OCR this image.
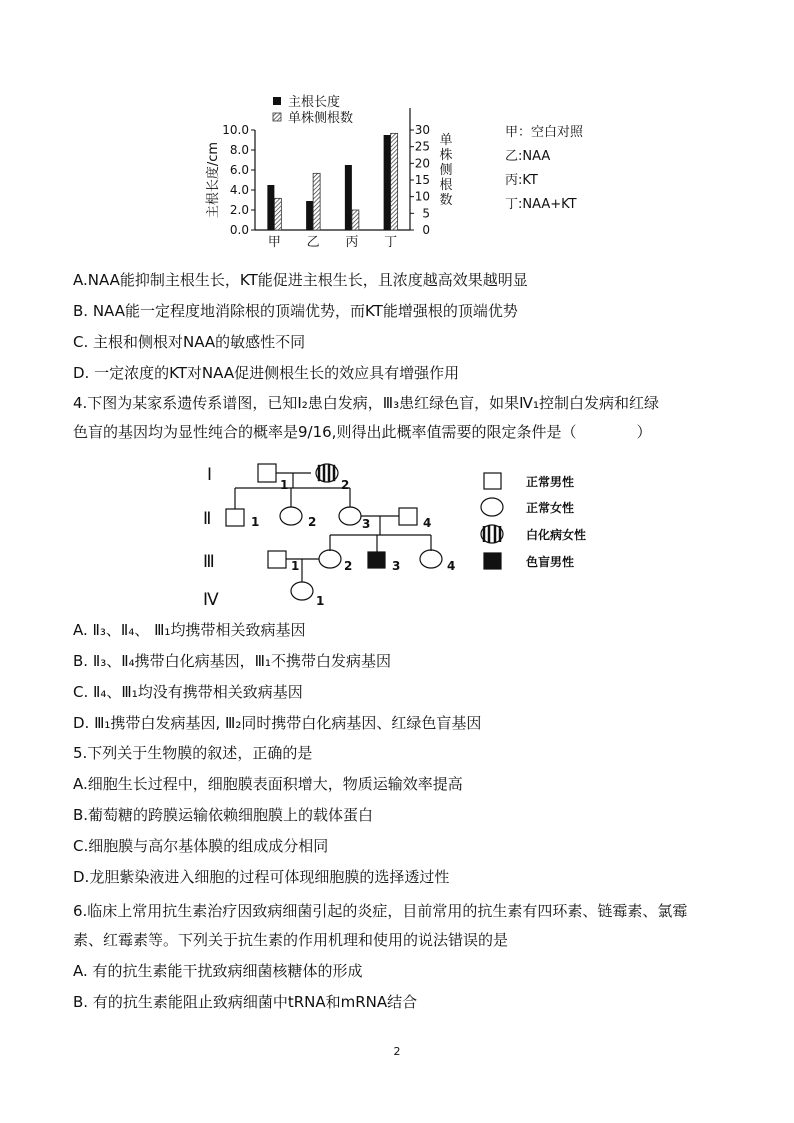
0.0
2.0
4.0
6.0
8.0
10.0
0
5
10
15
20
25
30
主根长度/cm
单
株
侧
根
数
甲 乙 丙 丁
主根长度
单株侧根数
甲：空白对照
乙:NAA
丙:KT
丁:NAA+KT
A.NAA能抑制主根生长，KT能促进主根生长，且浓度越高效果越明显
B. NAA能一定程度地消除根的顶端优势，而KT能增强根的顶端优势
C. 主根和侧根对NAA的敏感性不同
D. 一定浓度的KT对NAA促进侧根生长的效应具有增强作用
4.下图为某家系遗传系谱图，已知Ⅰ₂患白发病，Ⅲ₃患红绿色盲，如果Ⅳ₁控制白发病和红绿
色盲的基因均为显性纯合的概率是9/16,则得出此概率值需要的限定条件是（　　　　）
1	2
1	2	3	4
1	2	3	4
1
Ⅰ
Ⅱ
Ⅲ
Ⅳ
正常男性
正常女性
白化病女性
色盲男性
A. Ⅱ₃、Ⅱ₄、 Ⅲ₁均携带相关致病基因
B. Ⅱ₃、Ⅱ₄携带白化病基因，Ⅲ₁不携带白发病基因
C. Ⅱ₄、Ⅲ₁均没有携带相关致病基因
D. Ⅲ₁携带白发病基因, Ⅲ₂同时携带白化病基因、红绿色盲基因
5.下列关于生物膜的叙述，正确的是
A.细胞生长过程中，细胞膜表面积增大，物质运输效率提高
B.葡萄糖的跨膜运输依赖细胞膜上的载体蛋白
C.细胞膜与高尔基体膜的组成成分相同
D.龙胆紫染液进入细胞的过程可体现细胞膜的选择透过性
6.临床上常用抗生素治疗因致病细菌引起的炎症，目前常用的抗生素有四环素、链霉素、氯霉
素、红霉素等。下列关于抗生素的作用机理和使用的说法错误的是
A. 有的抗生素能干扰致病细菌核糖体的形成
B. 有的抗生素能阻止致病细菌中tRNA和mRNA结合
2
